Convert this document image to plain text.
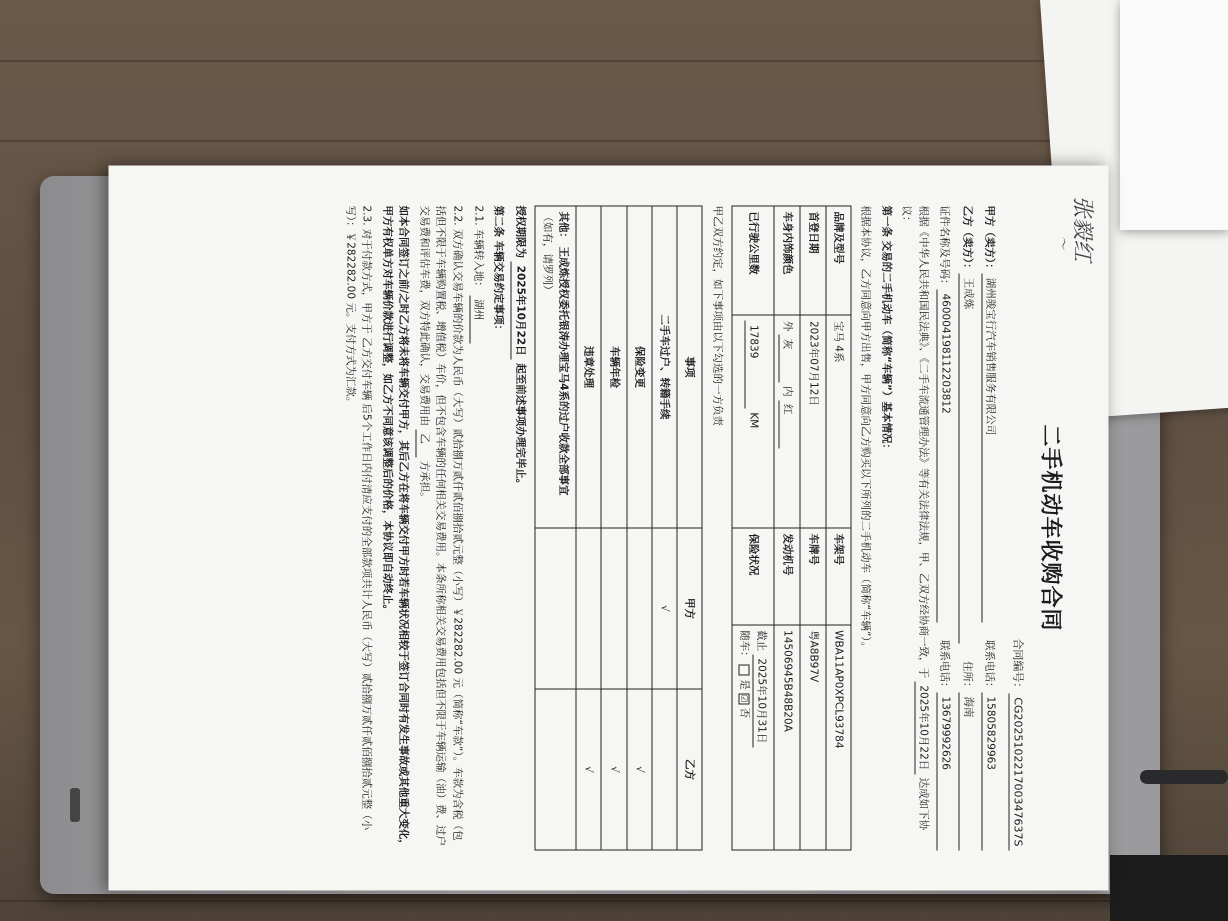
张毅红
～
二手机动车收购合同
合同编号：CG202510221700347637S
甲方（卖方）：
湖州骏宝行汽车销售服务有限公司
联系电话：
15805829963
乙方（卖方）：
王成炼
住所：
海南
证件名称及号码：
460004198112203812
联系电话：
13679992626
根据《中华人民共和国民法典》、《二手车流通管理办法》等有关法律法规，甲、乙双方经协商一致，于 2025年10月22日 达成如下协议：
第一条 交易的二手机动车（简称“车辆”）基本情况：
根据本协议，乙方同意向甲方出售，甲方同意向乙方购买以下所列的二手机动车（简称“车辆”）。
品牌及型号	宝马 4系	车架号	WBA11AP0XPCL93784
首登日期	2023年07月12日	车牌号	粤A8B97V
车身内饰颜色	外 灰 内 红	发动机号	14506945B48B20A
已行驶公里数	17839 KM	保险状况	截止 2025年10月31日
随车：  是 ☑ 否
甲乙双方约定，如下事项由以下勾选的一方负责
事项	甲方	乙方
二手车过户、转籍手续	√	
保险变更		√
车辆年检		√
违章处理		√
其他： 王成炼授权委托银涛办理宝马4系的过户收款全部事宜
（如有，请罗列）		
授权期限为 2025年10月22日 起至前述事项办理完毕止。
第二条 车辆交易约定事项：
2.1. 车辆转入地： 湖州
2.2. 双方确认交易车辆的价款为人民币（大写）贰拾捌万贰仟贰佰捌拾贰元整（小写）￥282282.00 元（简称“车款”）。车款为含税（包括但不限于车辆购置税、增值税）车价，但不包含车辆的任何相关交易费用。本条所称相关交易费用包括但不限于车辆运输（油）费、过户交易费和评估车费，双方特此确认，交易费用由 乙 方承担。
如本合同签订之前/之时乙方将未将车辆交付甲方，其后乙方在将车辆交付甲方时若车辆状况相较于签订合同时有发生事故或其他重大变化，甲方有权单方对车辆价款进行调整，如乙方不同意该调整后的价格，本协议即自动终止。
2.3. 对于付款方式，甲方于 乙方交付车辆 后5个工作日内付清应支付的全部款项共计人民币（大写）贰拾捌万贰仟贰佰捌拾贰元整（小写）：￥282282.00 元。支付方式为汇款。
